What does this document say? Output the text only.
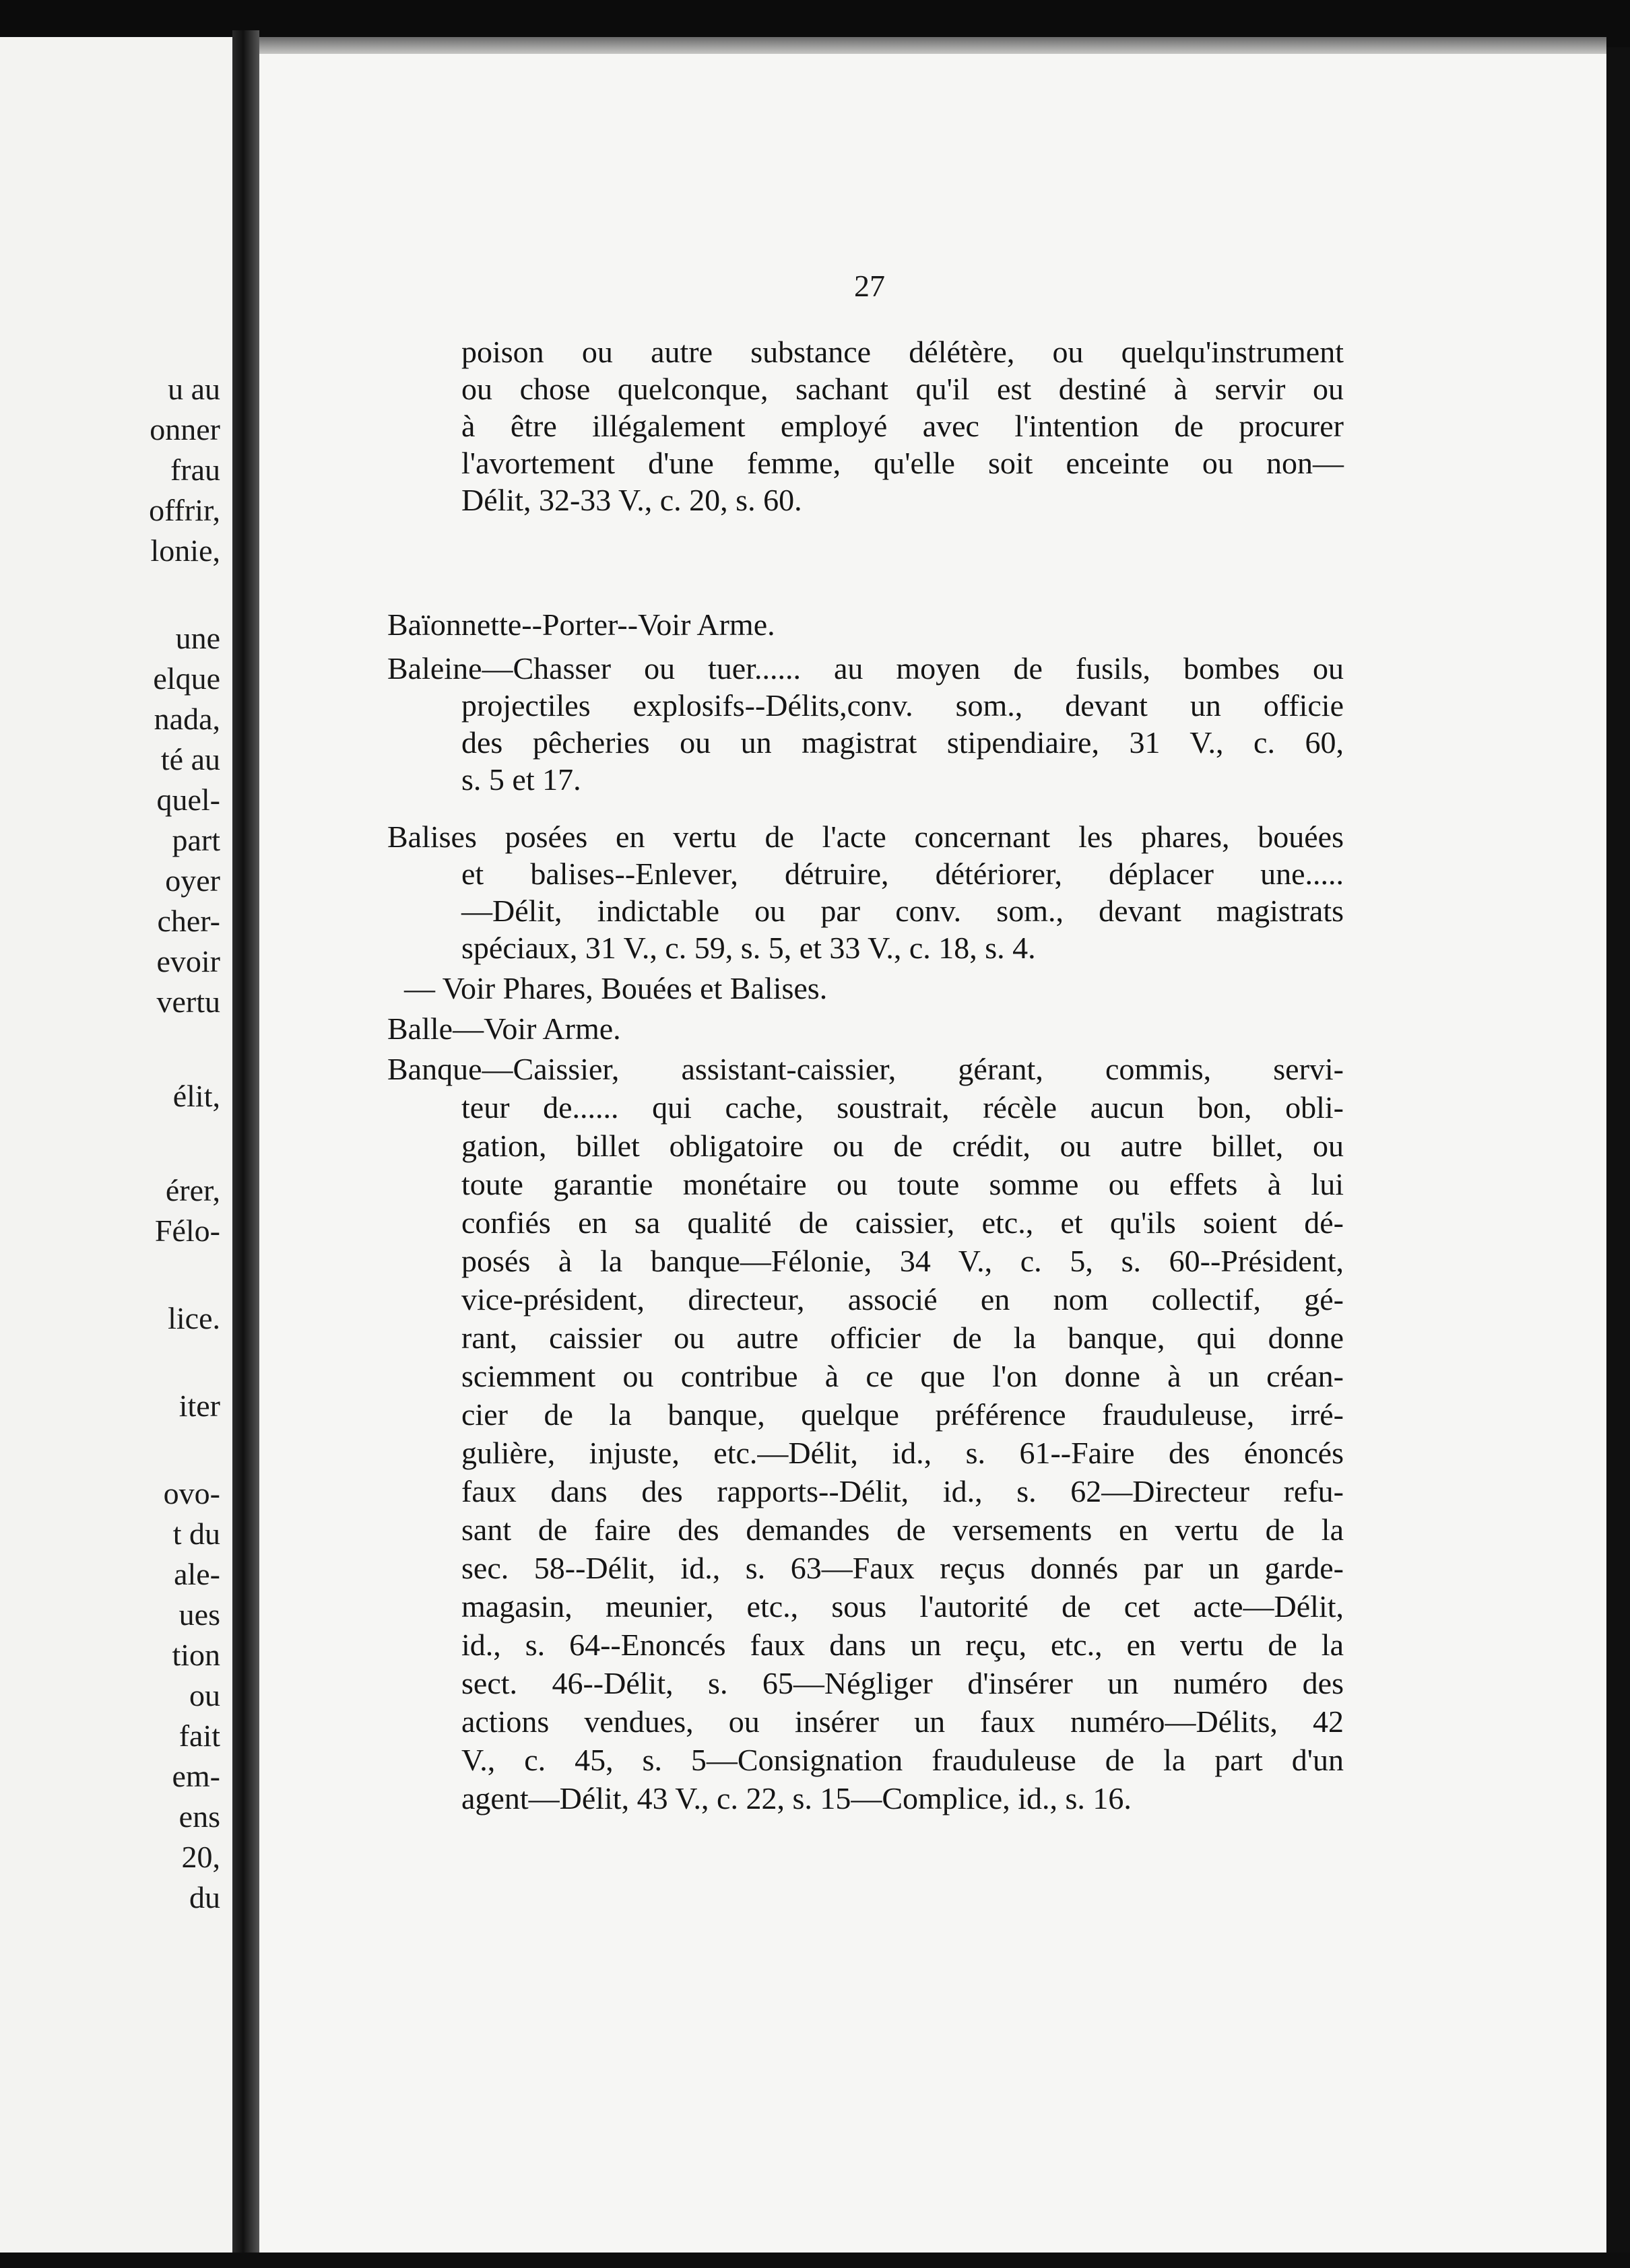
u au
onner
frau
offrir,
lonie,
une
elque
nada,
té au
quel-
part
oyer
cher-
evoir
vertu
élit,
érer,
Félo-
lice.
iter
ovo-
t du
ale-
ues
tion
ou
fait
em-
ens
20,
du
27
poison ou autre substance délétère, ou quelqu'instrument
ou chose quelconque, sachant qu'il est destiné à servir ou
à être illégalement employé avec l'intention de procurer
l'avortement d'une femme, qu'elle soit enceinte ou non—
Délit, 32-33 V., c. 20, s. 60.
Baïonnette--Porter--Voir Arme.
Baleine—Chasser ou tuer...... au moyen de fusils, bombes ou
projectiles explosifs--Délits,conv. som., devant un officie
des pêcheries ou un magistrat stipendiaire, 31 V., c. 60,
s. 5 et 17.
Balises posées en vertu de l'acte concernant les phares, bouées
et balises--Enlever, détruire, détériorer, déplacer une.....
—Délit, indictable ou par conv. som., devant magistrats
spéciaux, 31 V., c. 59, s. 5, et 33 V., c. 18, s. 4.
— Voir Phares, Bouées et Balises.
Balle—Voir Arme.
Banque—Caissier, assistant-caissier, gérant, commis, servi-
teur de...... qui cache, soustrait, récèle aucun bon, obli-
gation, billet obligatoire ou de crédit, ou autre billet, ou
toute garantie monétaire ou toute somme ou effets à lui
confiés en sa qualité de caissier, etc., et qu'ils soient dé-
posés à la banque—Félonie, 34 V., c. 5, s. 60--Président,
vice-président, directeur, associé en nom collectif, gé-
rant, caissier ou autre officier de la banque, qui donne
sciemment ou contribue à ce que l'on donne à un créan-
cier de la banque, quelque préférence frauduleuse, irré-
gulière, injuste, etc.—Délit, id., s. 61--Faire des énoncés
faux dans des rapports--Délit, id., s. 62—Directeur refu-
sant de faire des demandes de versements en vertu de la
sec. 58--Délit, id., s. 63—Faux reçus donnés par un garde-
magasin, meunier, etc., sous l'autorité de cet acte—Délit,
id., s. 64--Enoncés faux dans un reçu, etc., en vertu de la
sect. 46--Délit, s. 65—Négliger d'insérer un numéro des
actions vendues, ou insérer un faux numéro—Délits, 42
V., c. 45, s. 5—Consignation frauduleuse de la part d'un
agent—Délit, 43 V., c. 22, s. 15—Complice, id., s. 16.
